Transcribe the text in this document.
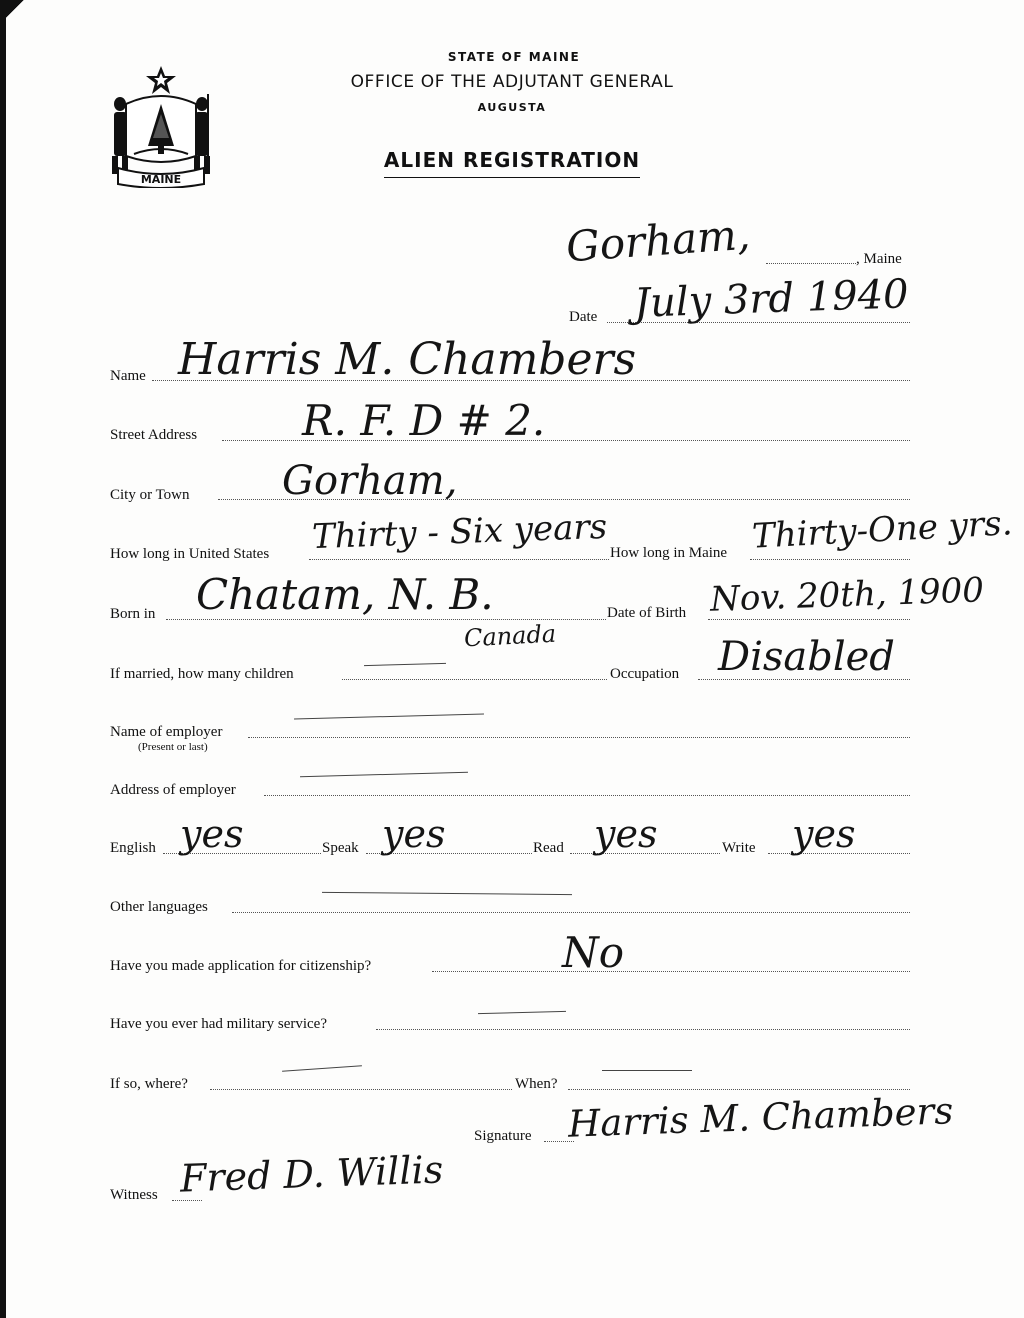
STATE OF MAINE
OFFICE OF THE ADJUTANT GENERAL
AUGUSTA
ALIEN REGISTRATION
MAINE
Gorham,	, Maine
Date July 3rd 1940
Name Harris M. Chambers
Street Address R. F. D # 2.
City or Town Gorham,
How long in United States Thirty - Six years How long in Maine Thirty-One yrs.
Born in Chatam, N. B.
Canada
Date of Birth Nov. 20th, 1900
If married, how many children	Occupation Disabled
Name of employer
(Present or last)
Address of employer
English yes	Speak yes	Read yes	Write yes
Other languages
Have you made application for citizenship?	No
Have you ever had military service?
If so, where?	When?
Signature Harris M. Chambers
Witness Fred D. Willis
